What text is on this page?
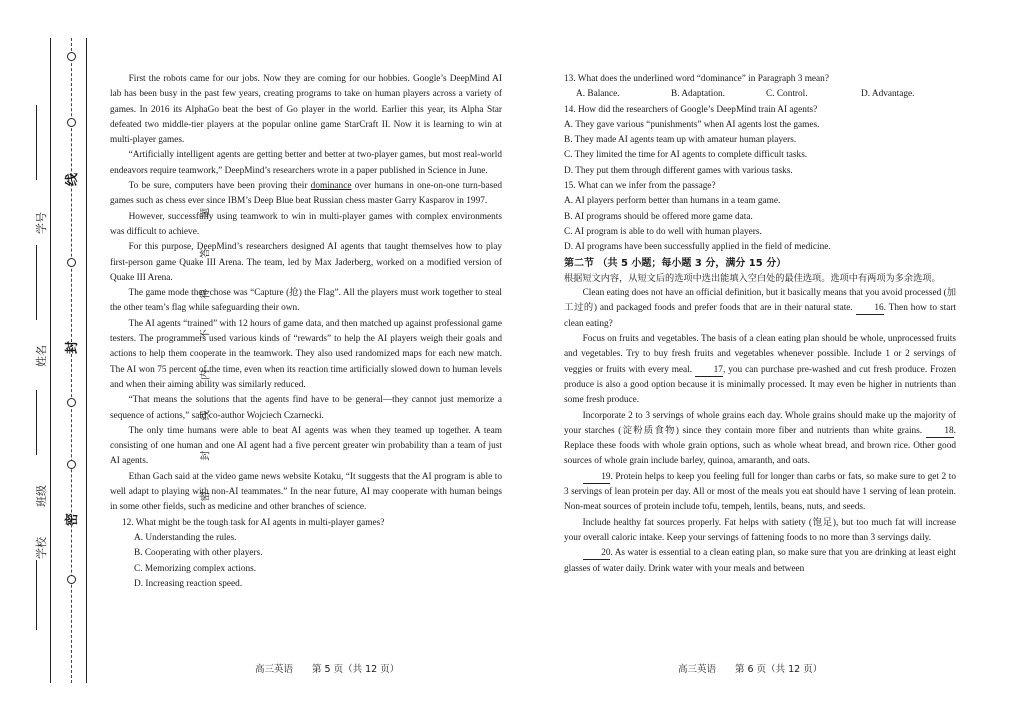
线
封
密
学号
姓名
班级
学校
密 封 线 内 不 得 答 题

First the robots came for our jobs. Now they are coming for our hobbies. Google’s DeepMind AI lab has been busy in the past few years, creating programs to take on human players across a variety of games. In 2016 its AlphaGo beat the best of Go player in the world. Earlier this year, its Alpha Star defeated two middle-tier players at the popular online game StarCraft II. Now it is learning to win at multi-player games.

“Artificially intelligent agents are getting better and better at two-player games, but most real-world endeavors require teamwork,” DeepMind’s researchers wrote in a paper published in Science in June.

To be sure, computers have been proving their dominance over humans in one-on-one turn-based games such as chess ever since IBM’s Deep Blue beat Russian chess master Garry Kasparov in 1997.

However, successfully using teamwork to win in multi-player games with complex environments was difficult to achieve.

For this purpose, DeepMind’s researchers designed AI agents that taught themselves how to play first-person game Quake III Arena. The team, led by Max Jaderberg, worked on a modified version of Quake III Arena.

The game mode they chose was “Capture (抢) the Flag”. All the players must work together to steal the other team’s flag while safeguarding their own.

The AI agents “trained” with 12 hours of game data, and then matched up against professional game testers. The programmers used various kinds of “rewards” to help the AI players weigh their goals and actions to help them cooperate in the teamwork. They also used randomized maps for each new match. The AI won 75 percent of the time, even when its reaction time artificially slowed down to human levels and when their aiming ability was similarly reduced.

“That means the solutions that the agents find have to be general—they cannot just memorize a sequence of actions,” said co-author Wojciech Czarnecki.

The only time humans were able to beat AI agents was when they teamed up together. A team consisting of one human and one AI agent had a five percent greater win probability than a team of just AI agents.

Ethan Gach said at the video game news website Kotaku, “It suggests that the AI program is able to well adapt to playing with non-AI teammates.” In the near future, AI may cooperate with human beings in some other fields, such as medicine and other branches of science.

12. What might be the tough task for AI agents in multi-player games?

A. Understanding the rules.

B. Cooperating with other players.

C. Memorizing complex actions.

D. Increasing reaction speed.

13. What does the underlined word “dominance” in Paragraph 3 mean?

A. Balance.	B. Adaptation.	C. Control.	D. Advantage.

14. How did the researchers of Google’s DeepMind train AI agents?

A. They gave various “punishments” when AI agents lost the games.

B. They made AI agents team up with amateur human players.

C. They limited the time for AI agents to complete difficult tasks.

D. They put them through different games with various tasks.

15. What can we infer from the passage?

A. AI players perform better than humans in a team game.

B. AI programs should be offered more game data.

C. AI program is able to do well with human players.

D. AI programs have been successfully applied in the field of medicine.

第二节 （共 5 小题；每小题 3 分，满分 15 分）

根据短文内容，从短文后的选项中选出能填入空白处的最佳选项。选项中有两项为多余选项。

Clean eating does not have an official definition, but it basically means that you avoid processed (加工过的) and packaged foods and prefer foods that are in their natural state. 16. Then how to start clean eating?

Focus on fruits and vegetables. The basis of a clean eating plan should be whole, unprocessed fruits and vegetables. Try to buy fresh fruits and vegetables whenever possible. Include 1 or 2 servings of veggies or fruits with every meal. 17, you can purchase pre-washed and cut fresh produce. Frozen produce is also a good option because it is minimally processed. It may even be higher in nutrients than some fresh produce.

Incorporate 2 to 3 servings of whole grains each day. Whole grains should make up the majority of your starches (淀粉质食物) since they contain more fiber and nutrients than white grains. 18. Replace these foods with whole grain options, such as whole wheat bread, and brown rice. Other good sources of whole grain include barley, quinoa, amaranth, and oats.

19. Protein helps to keep you feeling full for longer than carbs or fats, so make sure to get 2 to 3 servings of lean protein per day. All or most of the meals you eat should have 1 serving of lean protein. Non-meat sources of protein include tofu, tempeh, lentils, beans, nuts, and seeds.

Include healthy fat sources properly. Fat helps with satiety (饱足), but too much fat will increase your overall caloric intake. Keep your servings of fattening foods to no more than 3 servings daily.

20. As water is essential to a clean eating plan, so make sure that you are drinking at least eight glasses of water daily. Drink water with your meals and between

高三英语　　第 5 页（共 12 页）	高三英语　　第 6 页（共 12 页）
